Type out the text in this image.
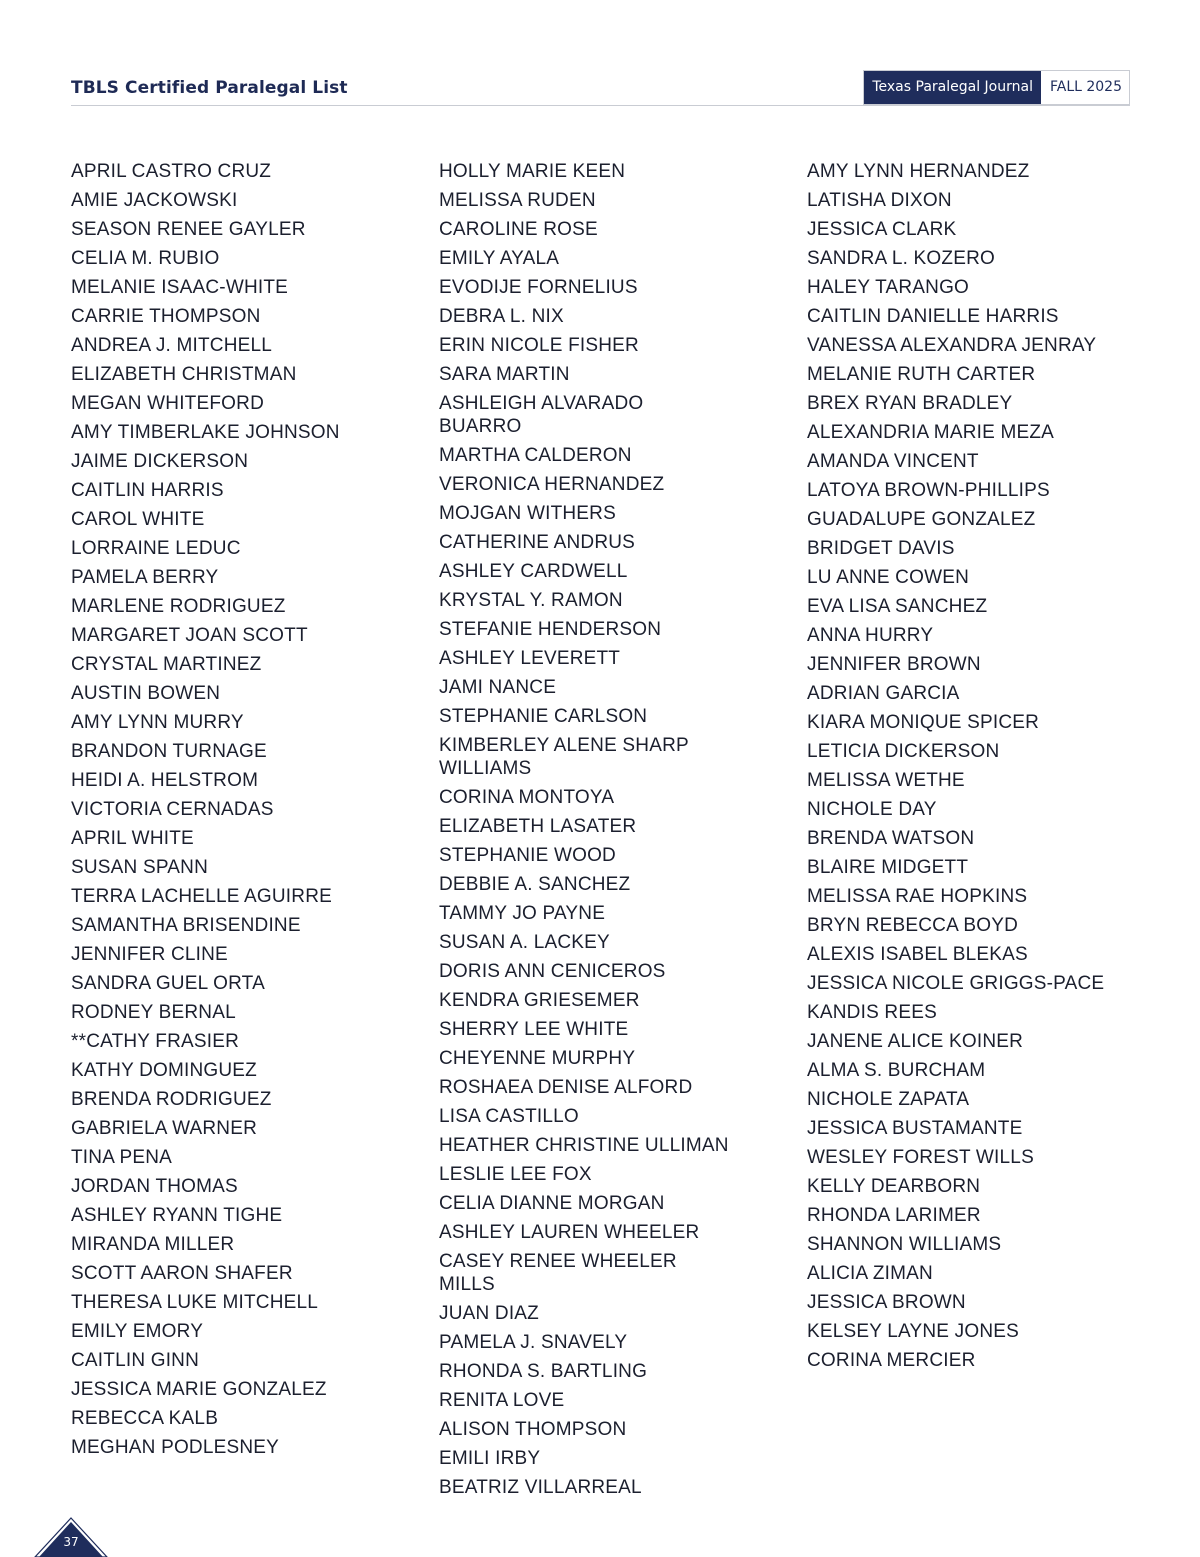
TBLS Certified Paralegal List	Texas Paralegal Journal	FALL 2025
APRIL CASTRO CRUZ
AMIE JACKOWSKI
SEASON RENEE GAYLER
CELIA M. RUBIO
MELANIE ISAAC-WHITE
CARRIE THOMPSON
ANDREA J. MITCHELL
ELIZABETH CHRISTMAN
MEGAN WHITEFORD
AMY TIMBERLAKE JOHNSON
JAIME DICKERSON
CAITLIN HARRIS
CAROL WHITE
LORRAINE LEDUC
PAMELA BERRY
MARLENE RODRIGUEZ
MARGARET JOAN SCOTT
CRYSTAL MARTINEZ
AUSTIN BOWEN
AMY LYNN MURRY
BRANDON TURNAGE
HEIDI A. HELSTROM
VICTORIA CERNADAS
APRIL WHITE
SUSAN SPANN
TERRA LACHELLE AGUIRRE
SAMANTHA BRISENDINE
JENNIFER CLINE
SANDRA GUEL ORTA
RODNEY BERNAL
**CATHY FRASIER
KATHY DOMINGUEZ
BRENDA RODRIGUEZ
GABRIELA WARNER
TINA PENA
JORDAN THOMAS
ASHLEY RYANN TIGHE
MIRANDA MILLER
SCOTT AARON SHAFER
THERESA LUKE MITCHELL
EMILY EMORY
CAITLIN GINN
JESSICA MARIE GONZALEZ
REBECCA KALB
MEGHAN PODLESNEY
HOLLY MARIE KEEN
MELISSA RUDEN
CAROLINE ROSE
EMILY AYALA
EVODIJE FORNELIUS
DEBRA L. NIX
ERIN NICOLE FISHER
SARA MARTIN
ASHLEIGH ALVARADO BUARRO
MARTHA CALDERON
VERONICA HERNANDEZ
MOJGAN WITHERS
CATHERINE ANDRUS
ASHLEY CARDWELL
KRYSTAL Y. RAMON
STEFANIE HENDERSON
ASHLEY LEVERETT
JAMI NANCE
STEPHANIE CARLSON
KIMBERLEY ALENE SHARP WILLIAMS
CORINA MONTOYA
ELIZABETH LASATER
STEPHANIE WOOD
DEBBIE A. SANCHEZ
TAMMY JO PAYNE
SUSAN A. LACKEY
DORIS ANN CENICEROS
KENDRA GRIESEMER
SHERRY LEE WHITE
CHEYENNE MURPHY
ROSHAEA DENISE ALFORD
LISA CASTILLO
HEATHER CHRISTINE ULLIMAN
LESLIE LEE FOX
CELIA DIANNE MORGAN
ASHLEY LAUREN WHEELER
CASEY RENEE WHEELER MILLS
JUAN DIAZ
PAMELA J. SNAVELY
RHONDA S. BARTLING
RENITA LOVE
ALISON THOMPSON
EMILI IRBY
BEATRIZ VILLARREAL
AMY LYNN HERNANDEZ
LATISHA DIXON
JESSICA CLARK
SANDRA L. KOZERO
HALEY TARANGO
CAITLIN DANIELLE HARRIS
VANESSA ALEXANDRA JENRAY
MELANIE RUTH CARTER
BREX RYAN BRADLEY
ALEXANDRIA MARIE MEZA
AMANDA VINCENT
LATOYA BROWN-PHILLIPS
GUADALUPE GONZALEZ
BRIDGET DAVIS
LU ANNE COWEN
EVA LISA SANCHEZ
ANNA HURRY
JENNIFER BROWN
ADRIAN GARCIA
KIARA MONIQUE SPICER
LETICIA DICKERSON
MELISSA WETHE
NICHOLE DAY
BRENDA WATSON
BLAIRE MIDGETT
MELISSA RAE HOPKINS
BRYN REBECCA BOYD
ALEXIS ISABEL BLEKAS
JESSICA NICOLE GRIGGS-PACE
KANDIS REES
JANENE ALICE KOINER
ALMA S. BURCHAM
NICHOLE ZAPATA
JESSICA BUSTAMANTE
WESLEY FOREST WILLS
KELLY DEARBORN
RHONDA LARIMER
SHANNON WILLIAMS
ALICIA ZIMAN
JESSICA BROWN
KELSEY LAYNE JONES
CORINA MERCIER
37
